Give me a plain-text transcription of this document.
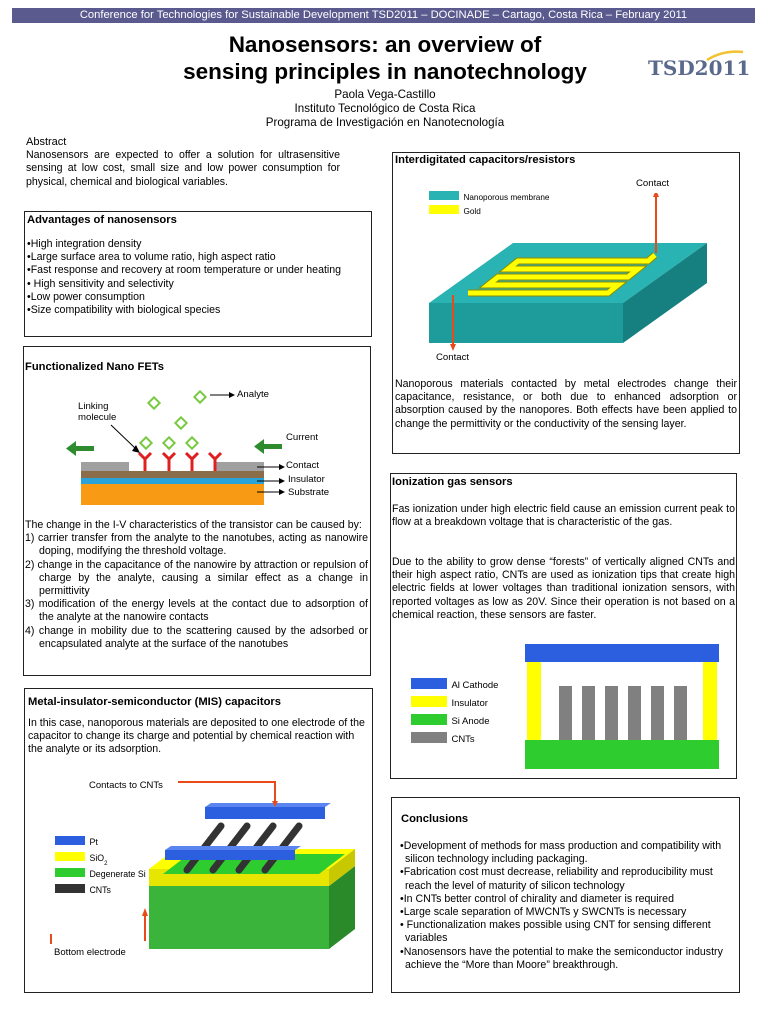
Conference for Technologies for Sustainable Development TSD2011 – DOCINADE – Cartago, Costa Rica – February 2011
Nanosensors: an overview of
sensing principles in nanotechnology
Paola Vega-Castillo
Instituto Tecnológico de Costa Rica
Programa de Investigación en Nanotecnología
TSD2011
Abstract

Nanosensors are expected to offer a solution for ultrasensitive sensing at low cost, small size and low power consumption for physical, chemical and biological variables.

Advantages of nanosensors
•High integration density
•Large surface area to volume ratio, high aspect ratio
•Fast response and recovery at room temperature or under heating
• High sensitivity and selectivity
•Low power consumption
•Size compatibility with biological species
Functionalized Nano FETs
Analyte
Linking
molecule
Current
Contact
Insulator
Substrate

The change in the I-V characteristics of the transistor can be caused by:

1) carrier transfer from the analyte to the nanotubes, acting as nanowire doping, modifying the threshold voltage.
2) change in the capacitance of the nanowire by attraction or repulsion of charge by the analyte, causing a similar effect as a change in permittivity
3) modification of the energy levels at the contact due to adsorption of the analyte at the nanowire contacts
4) change in mobility due to the scattering caused by the adsorbed or encapsulated analyte at the surface of the nanotubes
Metal-insulator-semiconductor (MIS) capacitors

In this case, nanoporous materials are deposited to one electrode of the capacitor to change its charge and potential by chemical reaction with the analyte or its adsorption.

Contacts to CNTs
Bottom electrode
Pt
SiO$_2$
Degenerate Si
CNTs
Interdigitated capacitors/resistors
Nanoporous membrane
Gold
Contact
Contact

Nanoporous materials contacted by metal electrodes change their capacitance, resistance, or both due to enhanced adsorption or absorption caused by the nanopores. Both effects have been applied to change the permittivity or the conductivity of the sensing layer.

Ionization gas sensors

Fas ionization under high electric field cause an emission current peak to flow at a breakdown voltage that is characteristic of the gas.

Due to the ability to grow dense “forests” of vertically aligned CNTs and their high aspect ratio, CNTs are used as ionization tips that create high electric fields at lower voltages than traditional ionization sensors, with reported voltages as low as 20V. Since their operation is not based on a chemical reaction, these sensors are faster.

Al Cathode
Insulator
Si Anode
CNTs
Conclusions
•Development of methods for mass production and compatibility with silicon technology including packaging.
•Fabrication cost must decrease, reliability and reproducibility must reach the level of maturity of silicon technology
•In CNTs better control of chirality and diameter is required
•Large scale separation of MWCNTs y SWCNTs is necessary
• Functionalization makes possible using CNT for sensing different variables
•Nanosensors have the potential to make the semiconductor industry achieve the “More than Moore” breakthrough.
